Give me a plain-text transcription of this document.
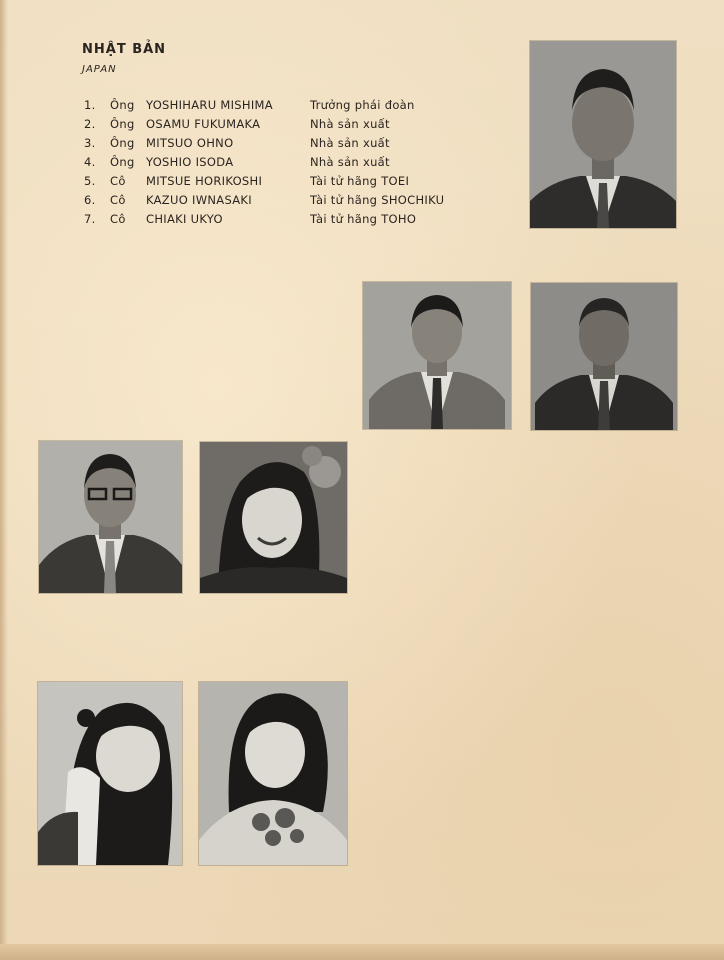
NHẬT BẢN
JAPAN
1. Ông YOSHIHARU MISHIMA	Trưởng phái đoàn
2. Ông OSAMU FUKUMAKA	Nhà sản xuất
3. Ông MITSUO OHNO	Nhà sản xuất
4. Ông YOSHIO ISODA	Nhà sản xuất
5. Cô MITSUE HORIKOSHI	Tài tử hãng TOEI
6. Cô KAZUO IWNASAKI	Tài tử hãng SHOCHIKU
7. Cô CHIAKI UKYO	Tài tử hãng TOHO
